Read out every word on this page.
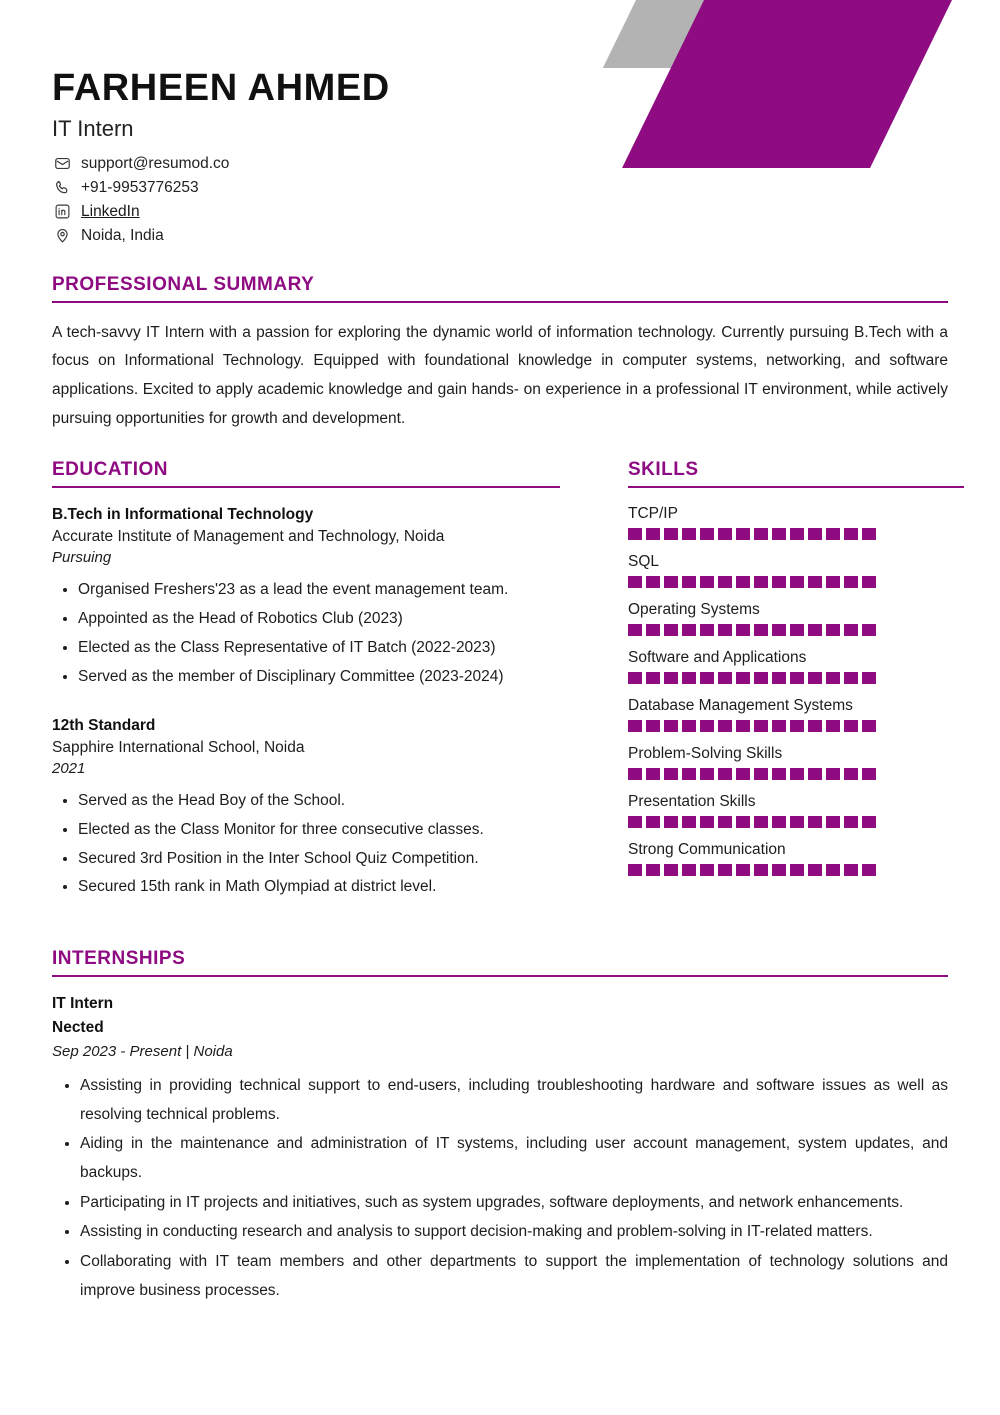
FARHEEN AHMED
IT Intern
support@resumod.co
+91-9953776253
LinkedIn
Noida, India
PROFESSIONAL SUMMARY

A tech-savvy IT Intern with a passion for exploring the dynamic world of information technology. Currently pursuing B.Tech with a focus on Informational Technology. Equipped with foundational knowledge in computer systems, networking, and software applications. Excited to apply academic knowledge and gain hands- on experience in a professional IT environment, while actively pursuing opportunities for growth and development.

EDUCATION

B.Tech in Informational Technology

Accurate Institute of Management and Technology, Noida

Pursuing

• Organised Freshers'23 as a lead the event management team.
• Appointed as the Head of Robotics Club (2023)
• Elected as the Class Representative of IT Batch (2022-2023)
• Served as the member of Disciplinary Committee (2023-2024)

12th Standard

Sapphire International School, Noida

2021

• Served as the Head Boy of the School.
• Elected as the Class Monitor for three consecutive classes.
• Secured 3rd Position in the Inter School Quiz Competition.
• Secured 15th rank in Math Olympiad at district level.
SKILLS

TCP/IP

SQL

Operating Systems

Software and Applications

Database Management Systems

Problem-Solving Skills

Presentation Skills

Strong Communication

INTERNSHIPS

IT Intern

Nected

Sep 2023 - Present | Noida

• Assisting in providing technical support to end-users, including troubleshooting hardware and software issues as well as resolving technical problems.
• Aiding in the maintenance and administration of IT systems, including user account management, system updates, and backups.
• Participating in IT projects and initiatives, such as system upgrades, software deployments, and network enhancements.
• Assisting in conducting research and analysis to support decision-making and problem-solving in IT-related matters.
• Collaborating with IT team members and other departments to support the implementation of technology solutions and improve business processes.
